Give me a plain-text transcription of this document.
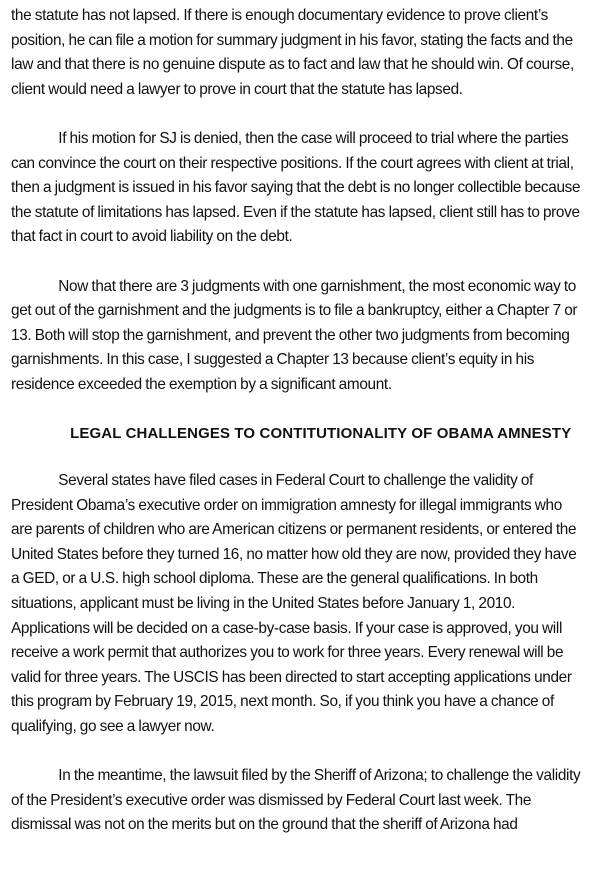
the statute has not lapsed. If there is enough documentary evidence to prove client’s position, he can file a motion for summary judgment in his favor, stating the facts and the law and that there is no genuine dispute as to fact and law that he should win. Of course, client would need a lawyer to prove in court that the statute has lapsed.

If his motion for SJ is denied, then the case will proceed to trial where the parties can convince the court on their respective positions. If the court agrees with client at trial, then a judgment is issued in his favor saying that the debt is no longer collectible because the statute of limitations has lapsed. Even if the statute has lapsed, client still has to prove that fact in court to avoid liability on the debt.

Now that there are 3 judgments with one garnishment, the most economic way to get out of the garnishment and the judgments is to file a bankruptcy, either a Chapter 7 or 13. Both will stop the garnishment, and prevent the other two judgments from becoming garnishments. In this case, I suggested a Chapter 13 because client’s equity in his residence exceeded the exemption by a significant amount.

LEGAL CHALLENGES TO CONTITUTIONALITY OF OBAMA AMNESTY

Several states have filed cases in Federal Court to challenge the validity of President Obama’s executive order on immigration amnesty for illegal immigrants who are parents of children who are American citizens or permanent residents, or entered the United States before they turned 16, no matter how old they are now, provided they have a GED, or a U.S. high school diploma. These are the general qualifications. In both situations, applicant must be living in the United States before January 1, 2010. Applications will be decided on a case-by-case basis. If your case is approved, you will receive a work permit that authorizes you to work for three years. Every renewal will be valid for three years. The USCIS has been directed to start accepting applications under this program by February 19, 2015, next month. So, if you think you have a chance of qualifying, go see a lawyer now.

In the meantime, the lawsuit filed by the Sheriff of Arizona; to challenge the validity of the President’s executive order was dismissed by Federal Court last week. The dismissal was not on the merits but on the ground that the sheriff of Arizona had
